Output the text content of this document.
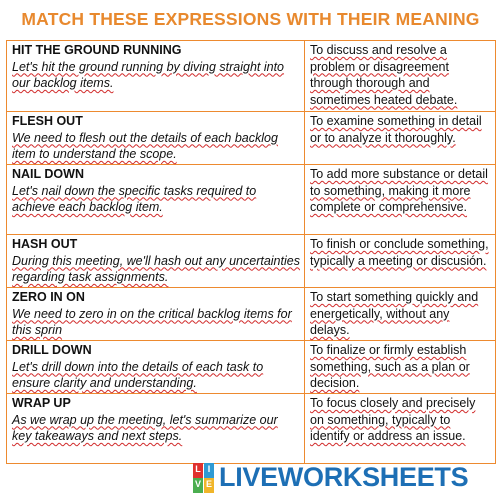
MATCH THESE EXPRESSIONS WITH THEIR MEANING
HIT THE GROUND RUNNING
Let's hit the ground running by diving straight into our backlog items.	To discuss and resolve a problem or disagreement through thorough and sometimes heated debate.

FLESH OUT
We need to flesh out the details of each backlog item to understand the scope.	To examine something in detail or to analyze it thoroughly.

NAIL DOWN
Let's nail down the specific tasks required to achieve each backlog item.	To add more substance or detail to something, making it more complete or comprehensive.

HASH OUT
During this meeting, we'll hash out any uncertainties regarding task assignments.	To finish or conclude something, typically a meeting or discusión.

ZERO IN ON
We need to zero in on the critical backlog items for this sprin	To start something quickly and energetically, without any delays.

DRILL DOWN
Let's drill down into the details of each task to ensure clarity and understanding.	To finalize or firmly establish something, such as a plan or decision.

WRAP UP
As we wrap up the meeting, let's summarize our key takeaways and next steps.	To focus closely and precisely on something, typically to identify or address an issue.
L I
V E LIVEWORKSHEETS
